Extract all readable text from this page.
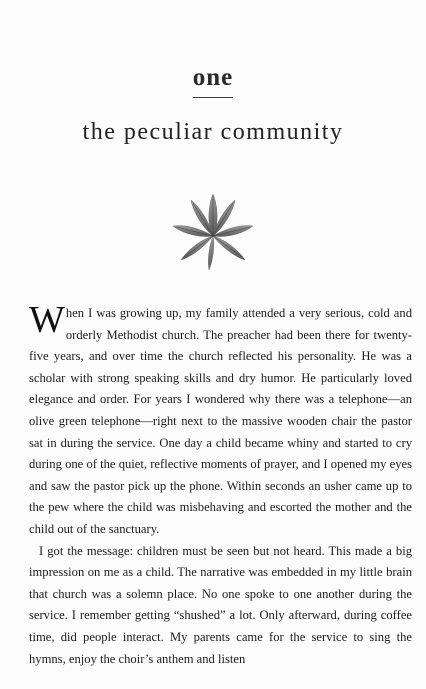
one
the peculiar community

When I was growing up, my family attended a very serious, cold and orderly Methodist church. The preacher had been there for twenty-five years, and over time the church reflected his personality. He was a scholar with strong speaking skills and dry humor. He particularly loved elegance and order. For years I wondered why there was a telephone—an olive green telephone—right next to the massive wooden chair the pastor sat in during the service. One day a child became whiny and started to cry during one of the quiet, reflective moments of prayer, and I opened my eyes and saw the pastor pick up the phone. Within seconds an usher came up to the pew where the child was misbehaving and escorted the mother and the child out of the sanctuary.

I got the message: children must be seen but not heard. This made a big impression on me as a child. The narrative was embedded in my little brain that church was a solemn place. No one spoke to one another during the service. I remember getting “shushed” a lot. Only afterward, during coffee time, did people interact. My parents came for the service to sing the hymns, enjoy the choir’s anthem and listen
